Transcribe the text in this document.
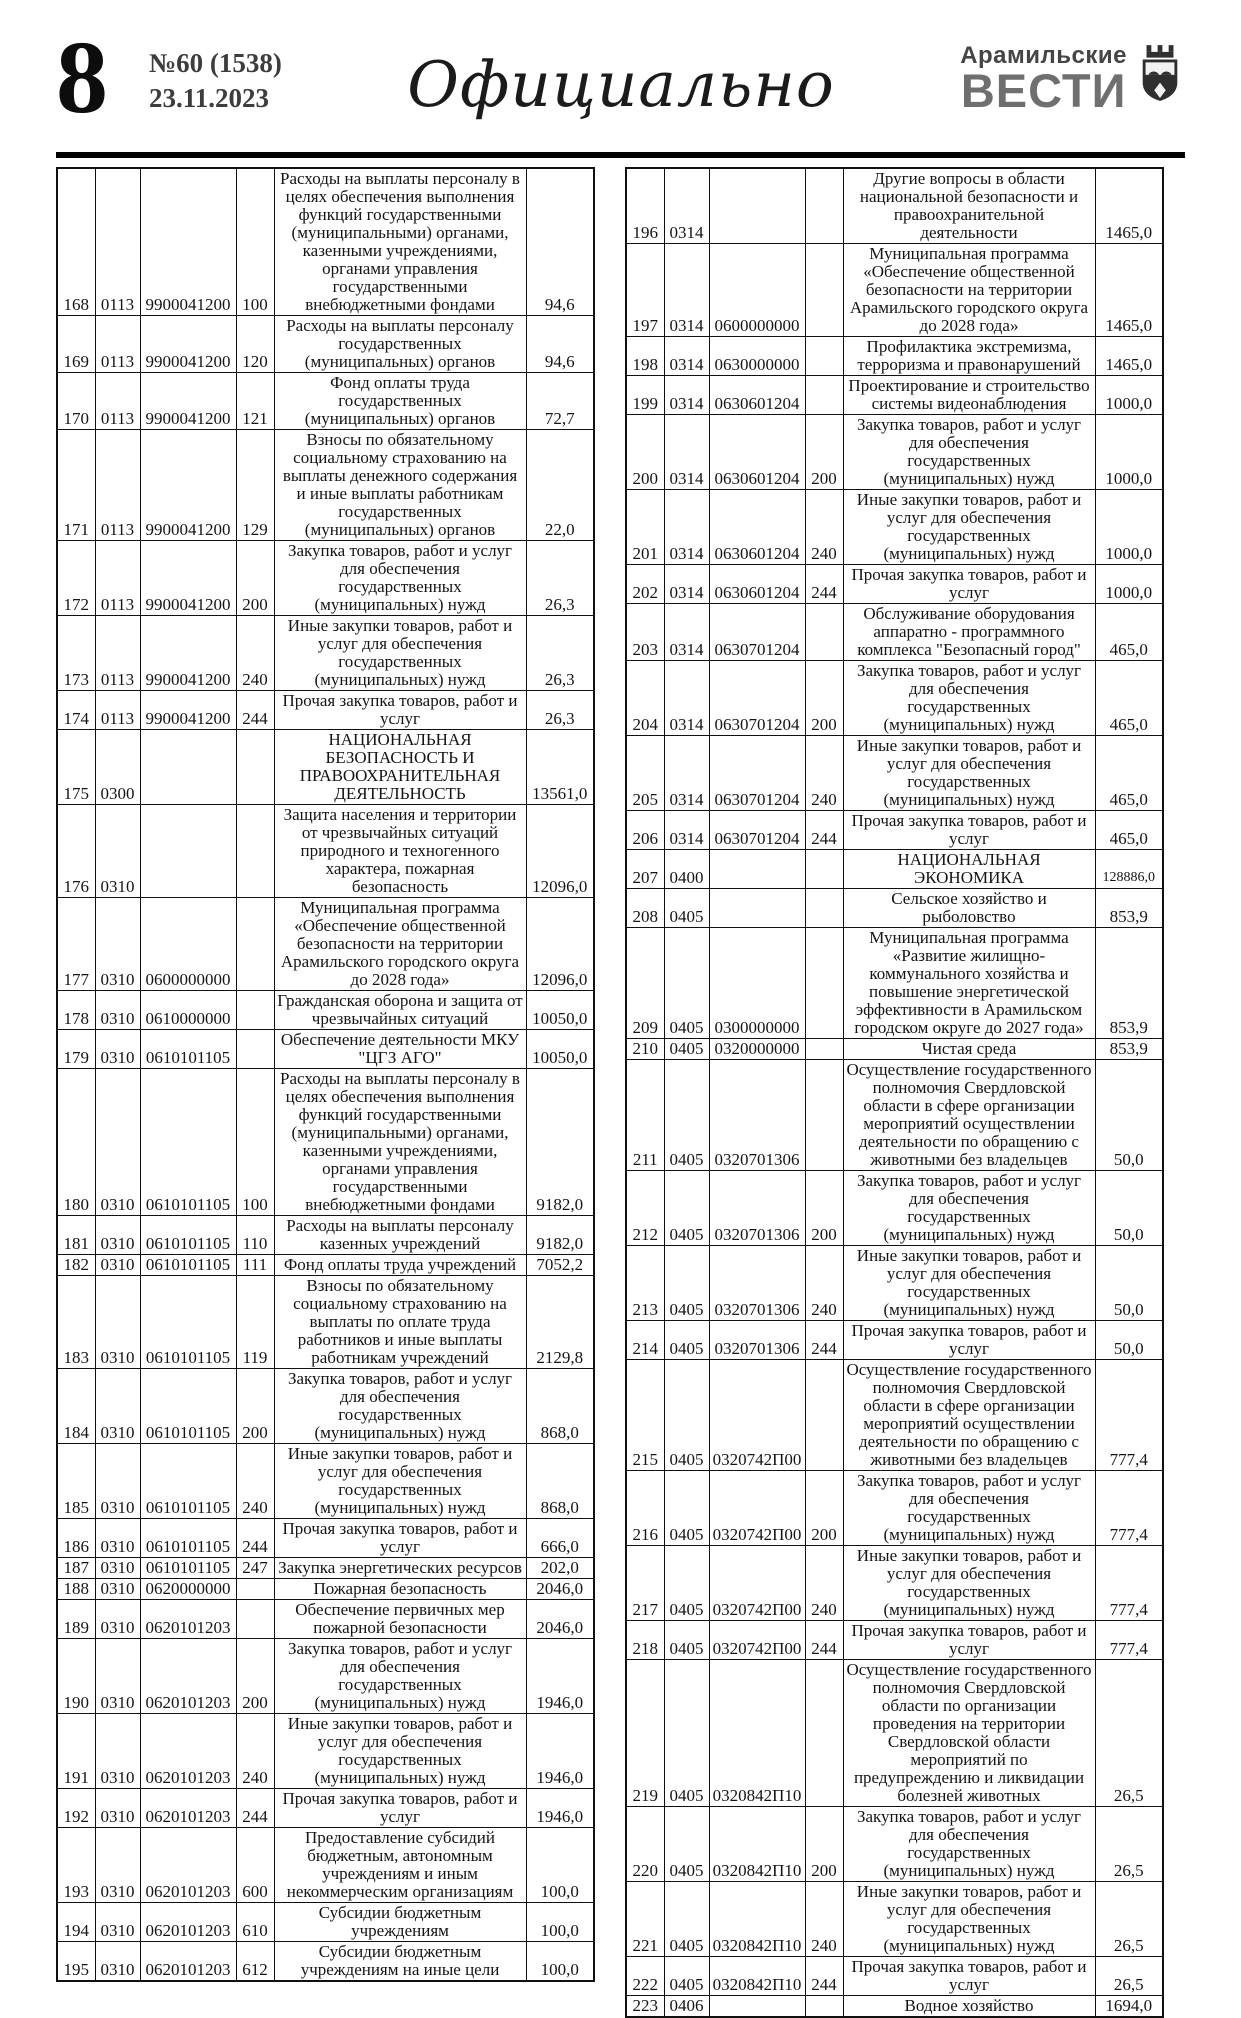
8 №60 (1538)
23.11.2023	Официально	Арамильские
ВЕСТИ
168	0113	9900041200	100	Расходы на выплаты персоналу в целях обеспечения выполнения функций государственными (муниципальными) органами, казенными учреждениями, органами управления государственными внебюджетными фондами	94,6
169	0113	9900041200	120	Расходы на выплаты персоналу государственных (муниципальных) органов	94,6
170	0113	9900041200	121	Фонд оплаты труда государственных (муниципальных) органов	72,7
171	0113	9900041200	129	Взносы по обязательному социальному страхованию на выплаты денежного содержания и иные выплаты работникам государственных (муниципальных) органов	22,0
172	0113	9900041200	200	Закупка товаров, работ и услуг для обеспечения государственных (муниципальных) нужд	26,3
173	0113	9900041200	240	Иные закупки товаров, работ и услуг для обеспечения государственных (муниципальных) нужд	26,3
174	0113	9900041200	244	Прочая закупка товаров, работ и услуг	26,3
175	0300			НАЦИОНАЛЬНАЯ БЕЗОПАСНОСТЬ И ПРАВООХРАНИТЕЛЬНАЯ ДЕЯТЕЛЬНОСТЬ	13561,0
176	0310			Защита населения и территории от чрезвычайных ситуаций природного и техногенного характера, пожарная безопасность	12096,0
177	0310	0600000000		Муниципальная программа «Обеспечение общественной безопасности на территории Арамильского городского округа до 2028 года»	12096,0
178	0310	0610000000		Гражданская оборона и защита от чрезвычайных ситуаций	10050,0
179	0310	0610101105		Обеспечение деятельности МКУ "ЦГЗ АГО"	10050,0
180	0310	0610101105	100	Расходы на выплаты персоналу в целях обеспечения выполнения функций государственными (муниципальными) органами, казенными учреждениями, органами управления государственными внебюджетными фондами	9182,0
181	0310	0610101105	110	Расходы на выплаты персоналу казенных учреждений	9182,0
182	0310	0610101105	111	Фонд оплаты труда учреждений	7052,2
183	0310	0610101105	119	Взносы по обязательному социальному страхованию на выплаты по оплате труда работников и иные выплаты работникам учреждений	2129,8
184	0310	0610101105	200	Закупка товаров, работ и услуг для обеспечения государственных (муниципальных) нужд	868,0
185	0310	0610101105	240	Иные закупки товаров, работ и услуг для обеспечения государственных (муниципальных) нужд	868,0
186	0310	0610101105	244	Прочая закупка товаров, работ и услуг	666,0
187	0310	0610101105	247	Закупка энергетических ресурсов	202,0
188	0310	0620000000		Пожарная безопасность	2046,0
189	0310	0620101203		Обеспечение первичных мер пожарной безопасности	2046,0
190	0310	0620101203	200	Закупка товаров, работ и услуг для обеспечения государственных (муниципальных) нужд	1946,0
191	0310	0620101203	240	Иные закупки товаров, работ и услуг для обеспечения государственных (муниципальных) нужд	1946,0
192	0310	0620101203	244	Прочая закупка товаров, работ и услуг	1946,0
193	0310	0620101203	600	Предоставление субсидий бюджетным, автономным учреждениям и иным некоммерческим организациям	100,0
194	0310	0620101203	610	Субсидии бюджетным учреждениям	100,0
195	0310	0620101203	612	Субсидии бюджетным учреждениям на иные цели	100,0
196	0314			Другие вопросы в области национальной безопасности и правоохранительной деятельности	1465,0
197	0314	0600000000		Муниципальная программа «Обеспечение общественной безопасности на территории Арамильского городского округа до 2028 года»	1465,0
198	0314	0630000000		Профилактика экстремизма, терроризма и правонарушений	1465,0
199	0314	0630601204		Проектирование и строительство системы видеонаблюдения	1000,0
200	0314	0630601204	200	Закупка товаров, работ и услуг для обеспечения государственных (муниципальных) нужд	1000,0
201	0314	0630601204	240	Иные закупки товаров, работ и услуг для обеспечения государственных (муниципальных) нужд	1000,0
202	0314	0630601204	244	Прочая закупка товаров, работ и услуг	1000,0
203	0314	0630701204		Обслуживание оборудования аппаратно - программного комплекса "Безопасный город"	465,0
204	0314	0630701204	200	Закупка товаров, работ и услуг для обеспечения государственных (муниципальных) нужд	465,0
205	0314	0630701204	240	Иные закупки товаров, работ и услуг для обеспечения государственных (муниципальных) нужд	465,0
206	0314	0630701204	244	Прочая закупка товаров, работ и услуг	465,0
207	0400			НАЦИОНАЛЬНАЯ ЭКОНОМИКА	128886,0
208	0405			Сельское хозяйство и рыболовство	853,9
209	0405	0300000000		Муниципальная программа «Развитие жилищно-коммунального хозяйства и повышение энергетической эффективности в Арамильском городском округе до 2027 года»	853,9
210	0405	0320000000		Чистая среда	853,9
211	0405	0320701306		Осуществление государственного полномочия Свердловской области в сфере организации мероприятий осуществлении деятельности по обращению с животными без владельцев	50,0
212	0405	0320701306	200	Закупка товаров, работ и услуг для обеспечения государственных (муниципальных) нужд	50,0
213	0405	0320701306	240	Иные закупки товаров, работ и услуг для обеспечения государственных (муниципальных) нужд	50,0
214	0405	0320701306	244	Прочая закупка товаров, работ и услуг	50,0
215	0405	0320742П00		Осуществление государственного полномочия Свердловской области в сфере организации мероприятий осуществлении деятельности по обращению с животными без владельцев	777,4
216	0405	0320742П00	200	Закупка товаров, работ и услуг для обеспечения государственных (муниципальных) нужд	777,4
217	0405	0320742П00	240	Иные закупки товаров, работ и услуг для обеспечения государственных (муниципальных) нужд	777,4
218	0405	0320742П00	244	Прочая закупка товаров, работ и услуг	777,4
219	0405	0320842П10		Осуществление государственного полномочия Свердловской области по организации проведения на территории Свердловской области мероприятий по предупреждению и ликвидации болезней животных	26,5
220	0405	0320842П10	200	Закупка товаров, работ и услуг для обеспечения государственных (муниципальных) нужд	26,5
221	0405	0320842П10	240	Иные закупки товаров, работ и услуг для обеспечения государственных (муниципальных) нужд	26,5
222	0405	0320842П10	244	Прочая закупка товаров, работ и услуг	26,5
223	0406			Водное хозяйство	1694,0
